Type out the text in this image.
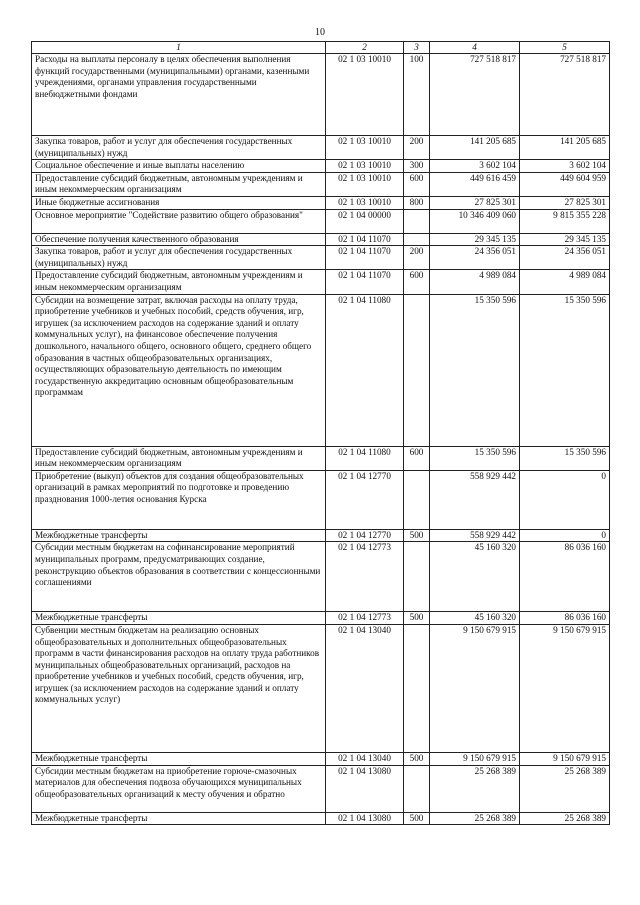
10
1	2	3	4	5
Расходы на выплаты персоналу в целях обеспечения выполнения функций государственными (муниципальными) органами, казенными учреждениями, органами управления государственными внебюджетными фондами	02 1 03 10010	100	727 518 817	727 518 817
Закупка товаров, работ и услуг для обеспечения государственных (муниципальных) нужд	02 1 03 10010	200	141 205 685	141 205 685
Социальное обеспечение и иные выплаты населению	02 1 03 10010	300	3 602 104	3 602 104
Предоставление субсидий бюджетным, автономным учреждениям и иным некоммерческим организациям	02 1 03 10010	600	449 616 459	449 604 959
Иные бюджетные ассигнования	02 1 03 10010	800	27 825 301	27 825 301
Основное мероприятие "Содействие развитию общего образования"	02 1 04 00000		10 346 409 060	9 815 355 228
Обеспечение получения качественного образования	02 1 04 11070		29 345 135	29 345 135
Закупка товаров, работ и услуг для обеспечения государственных (муниципальных) нужд	02 1 04 11070	200	24 356 051	24 356 051
Предоставление субсидий бюджетным, автономным учреждениям и иным некоммерческим организациям	02 1 04 11070	600	4 989 084	4 989 084
Субсидии на возмещение затрат, включая расходы на оплату труда, приобретение учебников и учебных пособий, средств обучения, игр, игрушек (за исключением расходов на содержание зданий и оплату коммунальных услуг), на финансовое обеспечение получения дошкольного, начального общего, основного общего, среднего общего образования в частных общеобразовательных организациях, осуществляющих образовательную деятельность по имеющим государственную аккредитацию основным общеобразовательным программам	02 1 04 11080		15 350 596	15 350 596
Предоставление субсидий бюджетным, автономным учреждениям и иным некоммерческим организациям	02 1 04 11080	600	15 350 596	15 350 596
Приобретение (выкуп) объектов для создания общеобразовательных организаций в рамках мероприятий по подготовке и проведению празднования 1000-летия основания Курска	02 1 04 12770		558 929 442	0
Межбюджетные трансферты	02 1 04 12770	500	558 929 442	0
Субсидии местным бюджетам на софинансирование мероприятий муниципальных программ, предусматривающих создание, реконструкцию объектов образования в соответствии с концессионными соглашениями	02 1 04 12773		45 160 320	86 036 160
Межбюджетные трансферты	02 1 04 12773	500	45 160 320	86 036 160
Субвенции местным бюджетам на реализацию основных общеобразовательных и дополнительных общеобразовательных программ в части финансирования расходов на оплату труда работников муниципальных общеобразовательных организаций, расходов на приобретение учебников и учебных пособий, средств обучения, игр, игрушек (за исключением расходов на содержание зданий и оплату коммунальных услуг)	02 1 04 13040		9 150 679 915	9 150 679 915
Межбюджетные трансферты	02 1 04 13040	500	9 150 679 915	9 150 679 915
Субсидии местным бюджетам на приобретение горюче-смазочных материалов для обеспечения подвоза обучающихся муниципальных общеобразовательных организаций к месту обучения и обратно	02 1 04 13080		25 268 389	25 268 389
Межбюджетные трансферты	02 1 04 13080	500	25 268 389	25 268 389
